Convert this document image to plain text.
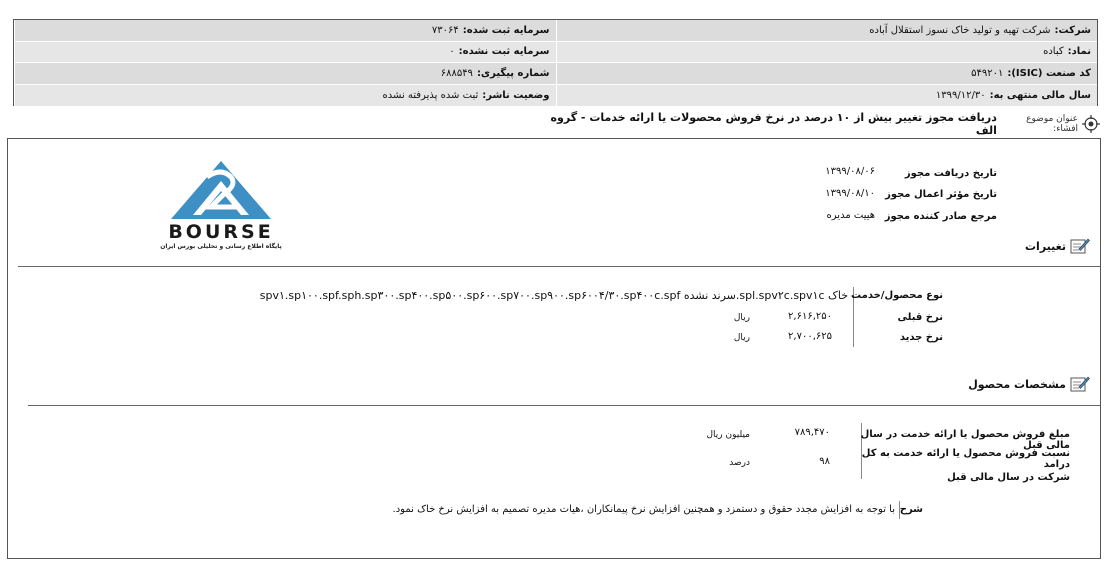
شرکت:
شرکت تهیه و تولید خاک نسوز استقلال آباده
سرمایه ثبت شده:
۷۳۰۶۴
نماد:
کباده
سرمایه ثبت نشده:
۰
کد صنعت (ISIC):
۵۴۹۲۰۱
شماره پیگیری:
۶۸۸۵۴۹
سال مالی منتهی به:
۱۳۹۹/۱۲/۳۰
وضعیت ناشر:
ثبت شده پذیرفته نشده
عنوان موضوع افشاء:
دریافت مجوز تغییر بیش از ۱۰ درصد در نرخ فروش محصولات یا ارائه خدمات - گروه الف
BOURSE
پایگاه اطلاع رسانی و تحلیلی بورس ایران
تاریخ دریافت مجوز
۱۳۹۹/۰۸/۰۶
تاریخ مؤثر اعمال مجوز
۱۳۹۹/۰۸/۱۰
مرجع صادر کننده مجوز
هییت مدیره
تغییرات
نوع محصول/خدمت
خاک spl.spv۲c.spv۱c.سرند نشده spv۱.sp۱۰۰.spf.sph.sp۳۰۰.sp۴۰۰.sp۵۰۰.sp۶۰۰.sp۷۰۰.sp۹۰۰.sp۶۰۰۴/۳۰.sp۴۰۰c.spf
نرخ قبلی
۲,۶۱۶,۲۵۰
ریال
نرخ جدید
۲,۷۰۰,۶۲۵
ریال
مشخصات محصول
مبلغ فروش محصول یا ارائه خدمت در سال مالی قبل
۷۸۹,۴۷۰
میلیون ریال
نسبت فروش محصول یا ارائه خدمت به کل درامد
شرکت در سال مالی قبل
۹۸
درصد
شرح
با توجه به افزایش مجدد حقوق و دستمزد و همچنین افزایش نرخ پیمانکاران ،هیات مدیره تصمیم به افزایش نرخ خاک نمود.
